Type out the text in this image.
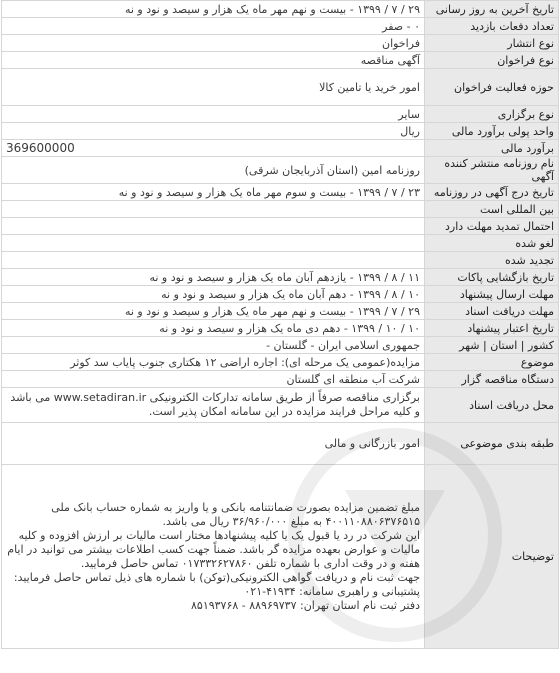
تاریخ آخرین به روز رسانی	۲۹ / ۷ / ۱۳۹۹ - بیست و نهم مهر ماه یک هزار و سیصد و نود و نه
تعداد دفعات بازدید	۰ - صفر
نوع انتشار	فراخوان
نوع فراخوان	آگهی مناقصه
حوزه فعالیت فراخوان	امور خرید یا تامین کالا
نوع برگزاری	سایر
واحد پولی برآورد مالی	ریال
برآورد مالی	369600000

نام روزنامه منتشر کننده آگهی	روزنامه امین (استان آذربایجان شرقی)
تاریخ درج آگهی در روزنامه	۲۳ / ۷ / ۱۳۹۹ - بیست و سوم مهر ماه یک هزار و سیصد و نود و نه
بین المللی است	
احتمال تمدید مهلت دارد	
لغو شده	
تجدید شده	
تاریخ بازگشایی پاکات	۱۱ / ۸ / ۱۳۹۹ - یازدهم آبان ماه یک هزار و سیصد و نود و نه
مهلت ارسال پیشنهاد	۱۰ / ۸ / ۱۳۹۹ - دهم آبان ماه یک هزار و سیصد و نود و نه
مهلت دریافت اسناد	۲۹ / ۷ / ۱۳۹۹ - بیست و نهم مهر ماه یک هزار و سیصد و نود و نه
تاریخ اعتبار پیشنهاد	۱۰ / ۱۰ / ۱۳۹۹ - دهم دی ماه یک هزار و سیصد و نود و نه
کشور | استان | شهر	جمهوری اسلامی ایران - گلستان -
موضوع	مزایده(عمومی یک مرحله ای): اجاره اراضی ۱۲ هکتاری جنوب پایاب سد کوثر
دستگاه مناقصه گزار	شرکت آب منطقه ای گلستان
محل دریافت اسناد	برگزاری مناقصه صرفاً از طریق سامانه تدارکات الکترونیکی www.setadiran.ir می باشد و کلیه مراحل فرایند مزایده در این سامانه امکان پذیر است.
طبقه بندی موضوعی	امور بازرگانی و مالی
توضیحات	مبلغ تضمین مزایده بصورت ضمانتنامه بانکی و یا واریز به شماره حساب بانک ملی ۴۰۰۱۱۰۸۸۰۶۳۷۶۵۱۵ به مبلغ ۳۶/۹۶۰/۰۰۰ ریال می باشد.
این شرکت در رد یا قبول یک یا کلیه پیشنهادها مختار است مالیات بر ارزش افزوده و کلیه مالیات و عوارض بعهده مزایده گر باشد. ضمناً جهت کسب اطلاعات بیشتر می توانید در ایام هفته و در وقت اداری با شماره تلفن ۰۱۷۳۳۲۶۲۷۸۶۰ تماس حاصل فرمایید.
جهت ثبت نام و دریافت گواهی الکترونیکی(توکن) با شماره های ذیل تماس حاصل فرمایید:
پشتیبانی و راهبری سامانه: ۴۱۹۳۴-۰۲۱
دفتر ثبت نام استان تهران: ۸۸۹۶۹۷۳۷ - ۸۵۱۹۳۷۶۸
